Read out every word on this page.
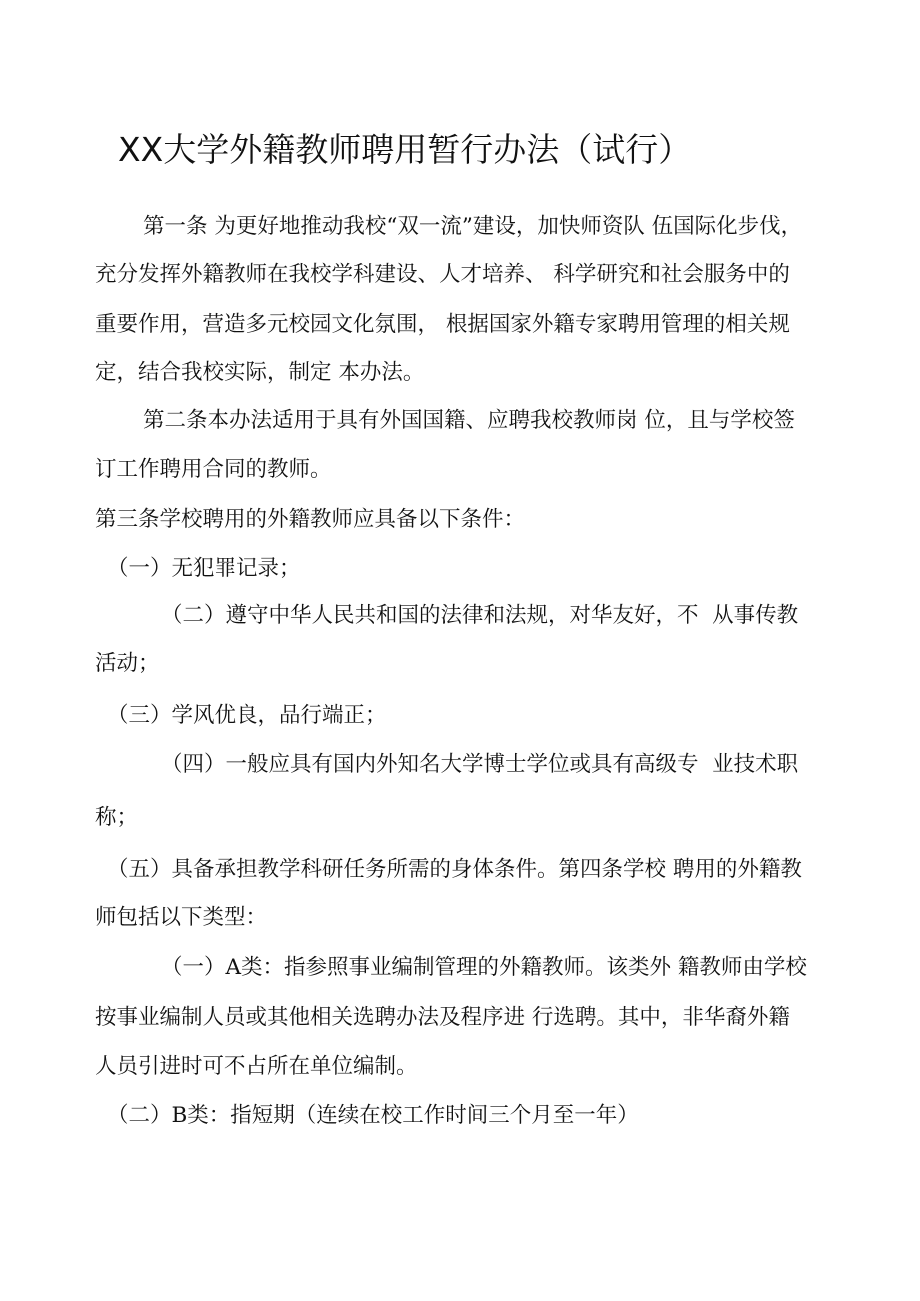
XX大学外籍教师聘用暂行办法（试行）
第一条 为更好地推动我校“双一流”建设，加快师资队 伍国际化步伐，
充分发挥外籍教师在我校学科建设、人才培养、 科学研究和社会服务中的
重要作用，营造多元校园文化氛围， 根据国家外籍专家聘用管理的相关规
定，结合我校实际，制定 本办法。
第二条本办法适用于具有外国国籍、应聘我校教师岗 位，且与学校签
订工作聘用合同的教师。
第三条学校聘用的外籍教师应具备以下条件：
（一）无犯罪记录；
（二）遵守中华人民共和国的法律和法规，对华友好，不  从事传教
活动；
（三）学风优良，品行端正；
（四）一般应具有国内外知名大学博士学位或具有高级专  业技术职
称；
（五）具备承担教学科研任务所需的身体条件。第四条学校 聘用的外籍教
师包括以下类型：
（一）A类：指参照事业编制管理的外籍教师。该类外 籍教师由学校
按事业编制人员或其他相关选聘办法及程序进 行选聘。其中，非华裔外籍
人员引进时可不占所在单位编制。
（二）B类：指短期（连续在校工作时间三个月至一年）
